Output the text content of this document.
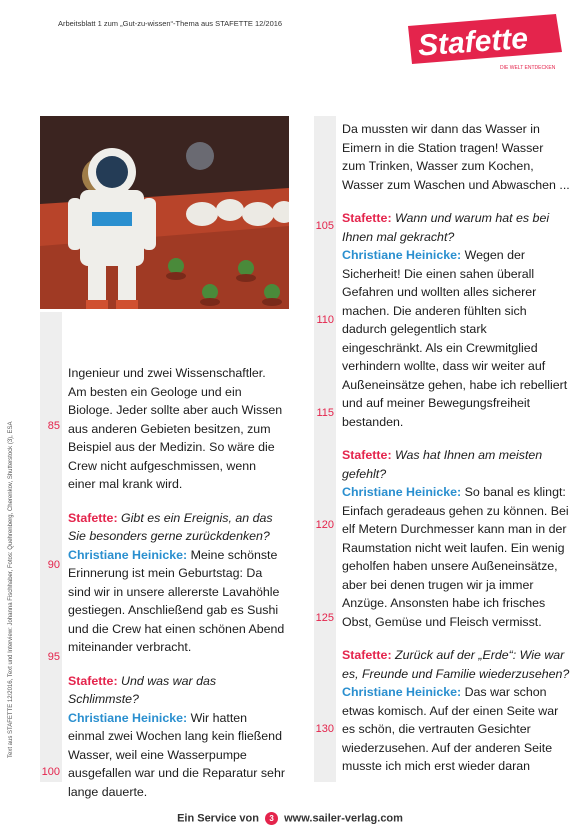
Arbeitsblatt 1 zum „Gut-zu-wissen“-Thema aus STAFETTE 12/2016	Stafette
DIE WELT ENTDECKEN
Text aus STAFETTE 12/2016, Text und Interview: Johanna Fischhaber, Fotos: Quehrenberg, Cherenkov, Shutterstock (3), ESA

Ingenieur und zwei Wissenschaftler. Am besten ein Geologe und ein Biologe. Jeder sollte aber auch Wissen aus anderen Gebieten besitzen, zum Beispiel aus der Medizin. So wäre die Crew nicht aufgeschmissen, wenn einer mal krank wird.

Stafette: Gibt es ein Ereignis, an das Sie besonders gerne zurückdenken?

Christiane Heinicke: Meine schönste Erinnerung ist mein Geburtstag: Da sind wir in unsere allererste Lavahöhle gestiegen. Anschließend gab es Sushi und die Crew hat einen schönen Abend miteinander verbracht.

Stafette: Und was war das Schlimmste?

Christiane Heinicke: Wir hatten einmal zwei Wochen lang kein fließend Wasser, weil eine Wasserpumpe ausgefallen war und die Reparatur sehr lange dauerte.

Da mussten wir dann das Wasser in Eimern in die Station tragen! Wasser zum Trinken, Wasser zum Kochen, Wasser zum Waschen und Abwaschen ...

Stafette: Wann und warum hat es bei Ihnen mal gekracht?

Christiane Heinicke: Wegen der Sicherheit! Die einen sahen überall Gefahren und wollten alles sicherer machen. Die anderen fühlten sich dadurch gelegentlich stark eingeschränkt. Als ein Crewmitglied verhindern wollte, dass wir weiter auf Außeneinsätze gehen, habe ich rebelliert und auf meiner Bewegungsfreiheit bestanden.

Stafette: Was hat Ihnen am meisten gefehlt?

Christiane Heinicke: So banal es klingt: Einfach geradeaus gehen zu können. Bei elf Metern Durchmesser kann man in der Raumstation nicht weit laufen. Ein wenig geholfen haben unsere Außeneinsätze, aber bei denen trugen wir ja immer Anzüge. Ansonsten habe ich frisches Obst, Gemüse und Fleisch vermisst.

Stafette: Zurück auf der „Erde“: Wie war es, Freunde und Familie wiederzusehen?

Christiane Heinicke: Das war schon etwas komisch. Auf der einen Seite war es schön, die vertrauten Gesichter wiederzusehen. Auf der anderen Seite musste ich mich erst wieder daran

85
90
95
100
105
110
115
120
125
130
Ein Service von 3 www.sailer-verlag.com
